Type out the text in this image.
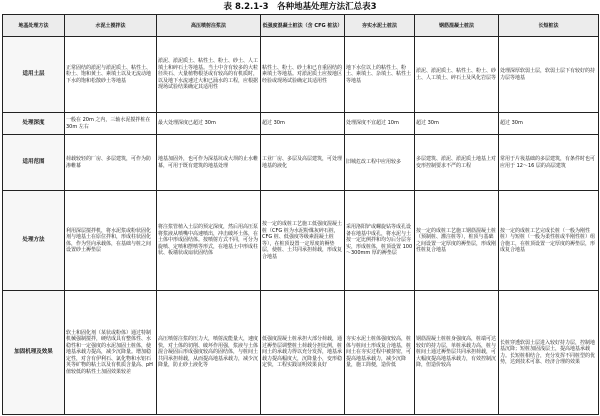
表 8.2.1-3　各种地基处理方法汇总表3
地基处理方法	水泥土搅拌法	高压喷射注浆法	低强度混凝土桩法（含 CFG 桩法）	夯实水泥土桩法	钢筋混凝土桩法	长短桩法
适用土层	正常固结的淤泥与淤泥质土、粘性土、粉土、饱和黄土、素填土以及无流动地下水的饱和松散砂土等地基	淤泥、淤泥质土、粘性土、粉土、砂土、人工填土和碎石土等地基。当土中含有较多的大粒径块石、大量植物根茎或有较高的有机质时，以及地下水流速过大和已涌水的工程，应根据现场试验结果确定其适用性	粘性土、粉土、砂土和已自重固结的素填土等地基。对淤泥质土应按地区经验或现场试验确定其适用性	地下水位以上的粘性土、粉土、素填土、杂填土、粘性土等地基	淤泥、淤泥质土、粘性土、粉土、砂土、人工填土、碎石土及风化岩层等	处理深厚软弱土层，软弱土层下有较好的持力层等地基
处理深度	一般在 20m 之内，三轴水泥搅拌桩在 30m 左右	最大处理深度已超过 30m	超过 30m	处理深度不宜超过 10m	超过 30m	超过 30m
适用范围	荷载较轻的厂房、多层建筑，可作为防渗帷幕	地基加固外，也可作为深基坑或大坝的止水帷幕，可用于既有建筑的地基处理	工业厂房、多层及高层建筑，可处理地基的液化	旧城危改工程中应用较多	多层建筑、淤泥、淤泥质土地基上对变形控制要求不严的工程	常用于片筏基础的多层建筑，有条件时也可应用于 12～16 层的高层建筑
处理方法	利用深层搅拌机，将水泥浆或粉状固化剂与地基土在原位拌和，形成柱状固化体，作为竖向承载体，在基础与桩之间设置砂土褥垫层	将注浆管植入土层的预定深度，然后用高压泵将浆液从喷嘴中高速喷出，冲击破坏土体，在土体中形成固结体。按喷射方式不同，可分为旋喷、定喷和摆喷等形式，在地基土中形成柱状、板墙状或扇状固结体	按一定的成桩工艺施工低强度混凝土桩（CFG 桩为水泥粉煤灰碎石桩，CFG 桩、低强度等级素混凝土桩等），在桩顶设置一定厚度的褥垫层，使桩、土共同承担荷载，形成复合地基	采用洛阳铲或螺旋钻等成孔设备在地基中成孔，将水泥与土按一定比例拌和均匀后分层夯实，形成桩体，桩顶设置 100～300mm 厚的褥垫层	按一定的成桩工艺施工钢筋混凝土桩（预制桩、灌注桩等），桩顶与基础之间设置一定厚度的褥垫层，形成刚性桩复合地基	按一定的成桩工艺完成长桩（一般为刚性桩）与短桩（一般为柔性桩或半刚性桩）组合施工，在桩顶设置一定厚度的褥垫层，形成复合地基
加固机理及效果	软土和固化剂（某状或粉体）通过特制机械强制搅拌，硬结成具有整体性、水稳性和一定强度的水泥加固土桩体，使地基承载力提高，减少沉降量。增加稳定性，对含有伊利石、氯化物和水铝石英等矿物的粘土以及有机质含量高、pH 值较低的粘性土加固效果较差	高压喷射注浆的压力大，喷射流能量大，速度快，对土体的切削、破坏作用强，浆液与土体混合凝固后形成强度较高的固结体，与桩间土共同承担荷载，从而提高地基承载力，减少沉降量，防止砂土液化等	低强度混凝土桩承担大部分荷载，通过褥垫层调整桩土荷载分担比例，桩间土的承载力得以充分发挥，地基承载力提高幅度大，沉降量小，变形稳定快，工程实践证明效果良好	夯实水泥土桩体强度较高，桩体与桩间土形成复合地基，桩间土在夯实过程中被挤密，可提高地基承载力，减少沉降量，施工简便，造价低	钢筋混凝土桩桩身强度高，桩端可达较好的持力层，单桩承载力高，桩与桩间土通过褥垫层共同承担荷载，可大幅度提高地基承载力，有效控制沉降，但造价较高	长桩穿透软弱土层进入较好持力层，控制地基沉降；短桩加固浅层土，提高地基承载力。长短桩相结合，充分发挥不同桩型的优势，达到技术可靠、经济合理的效果
